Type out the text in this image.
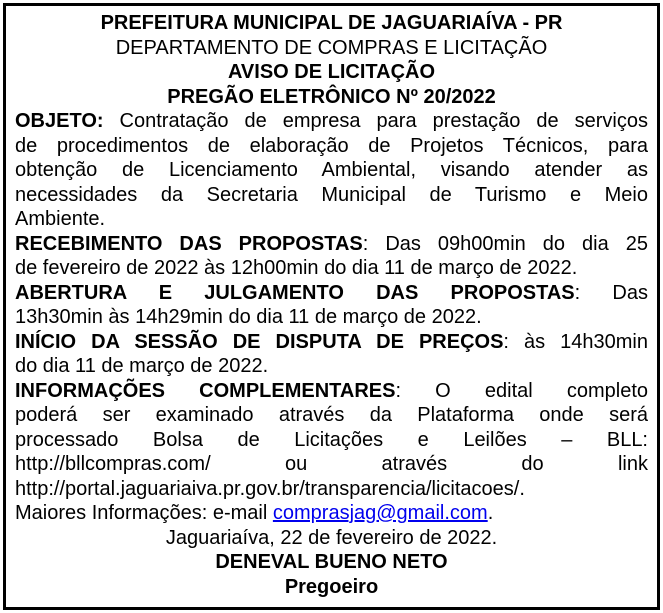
PREFEITURA MUNICIPAL DE JAGUARIAÍVA - PR
DEPARTAMENTO DE COMPRAS E LICITAÇÃO
AVISO DE LICITAÇÃO
PREGÃO ELETRÔNICO Nº 20/2022
OBJETO: Contratação de empresa para prestação de serviços
de procedimentos de elaboração de Projetos Técnicos, para
obtenção de Licenciamento Ambiental, visando atender as
necessidades da Secretaria Municipal de Turismo e Meio
Ambiente.
RECEBIMENTO DAS PROPOSTAS: Das 09h00min do dia 25
de fevereiro de 2022 às 12h00min do dia 11 de março de 2022.
ABERTURA E JULGAMENTO DAS PROPOSTAS: Das
13h30min às 14h29min do dia 11 de março de 2022.
INÍCIO DA SESSÃO DE DISPUTA DE PREÇOS: às 14h30min
do dia 11 de março de 2022.
INFORMAÇÕES COMPLEMENTARES: O edital completo
poderá ser examinado através da Plataforma onde será
processado Bolsa de Licitações e Leilões – BLL:
http://bllcompras.com/ ou através do link
http://portal.jaguariaiva.pr.gov.br/transparencia/licitacoes/.
Maiores Informações: e-mail comprasjag@gmail.com.
Jaguariaíva, 22 de fevereiro de 2022.
DENEVAL BUENO NETO
Pregoeiro
